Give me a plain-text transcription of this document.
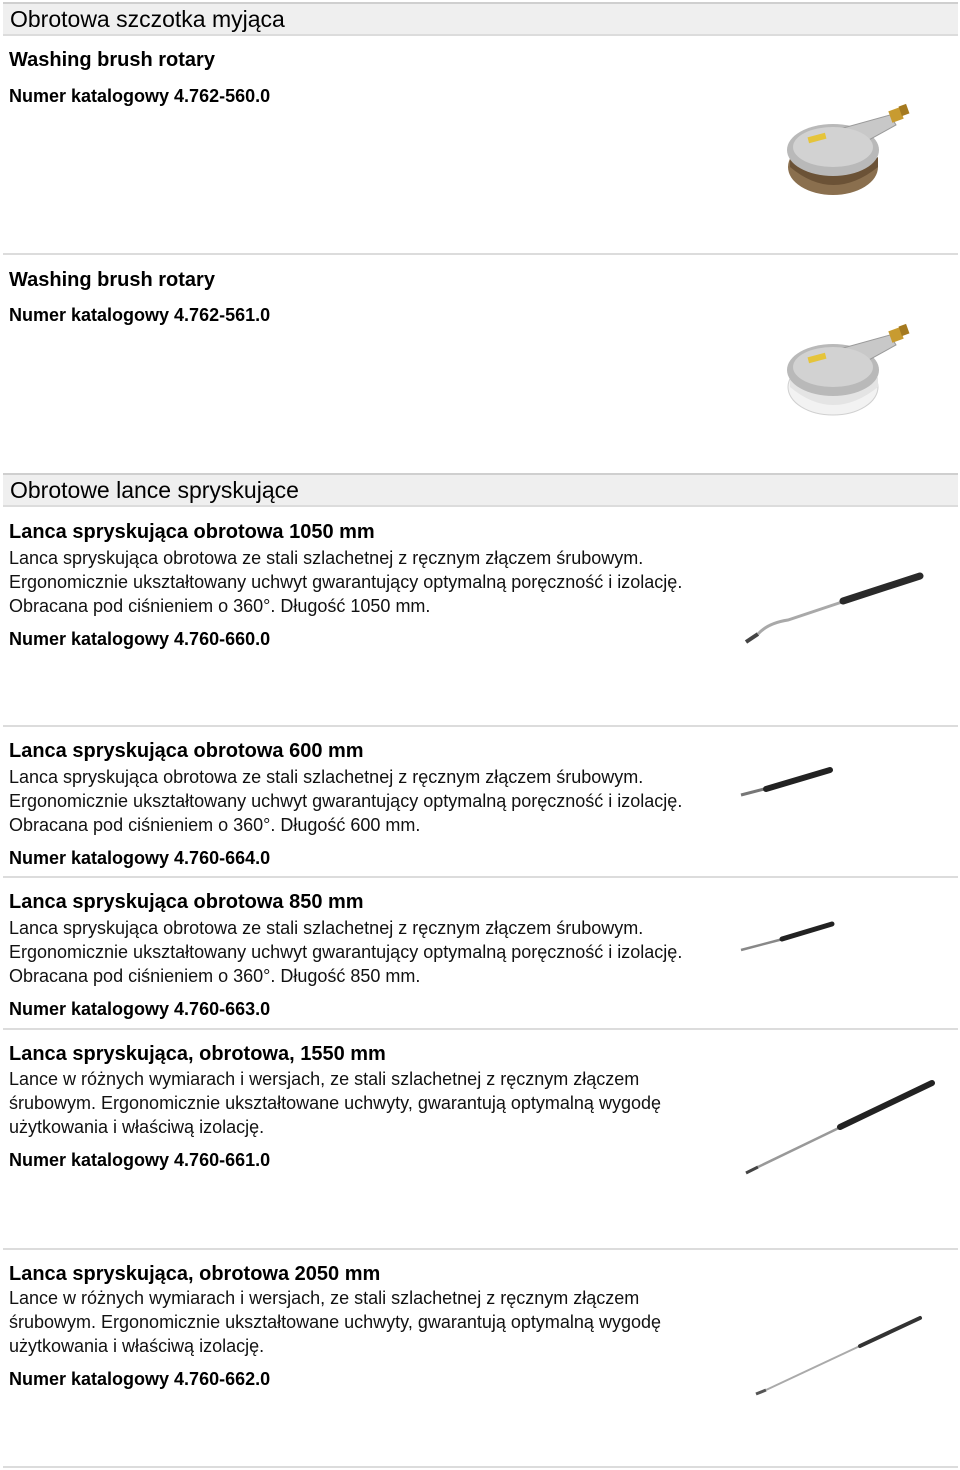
Obrotowa szczotka myjąca
Washing brush rotary
Numer katalogowy 4.762-560.0
Washing brush rotary
Numer katalogowy 4.762-561.0
Obrotowe lance spryskujące
Lanca spryskująca obrotowa 1050 mm
Lanca spryskująca obrotowa ze stali szlachetnej z ręcznym złączem śrubowym. Ergonomicznie ukształtowany uchwyt gwarantujący optymalną poręczność i izolację. Obracana pod ciśnieniem o 360°. Długość 1050 mm.
Numer katalogowy 4.760-660.0
Lanca spryskująca obrotowa 600 mm
Lanca spryskująca obrotowa ze stali szlachetnej z ręcznym złączem śrubowym. Ergonomicznie ukształtowany uchwyt gwarantujący optymalną poręczność i izolację. Obracana pod ciśnieniem o 360°. Długość 600 mm.
Numer katalogowy 4.760-664.0
Lanca spryskująca obrotowa 850 mm
Lanca spryskująca obrotowa ze stali szlachetnej z ręcznym złączem śrubowym. Ergonomicznie ukształtowany uchwyt gwarantujący optymalną poręczność i izolację. Obracana pod ciśnieniem o 360°. Długość 850 mm.
Numer katalogowy 4.760-663.0
Lanca spryskująca, obrotowa, 1550 mm
Lance w różnych wymiarach i wersjach, ze stali szlachetnej z ręcznym złączem śrubowym. Ergonomicznie ukształtowane uchwyty, gwarantują optymalną wygodę użytkowania i właściwą izolację.
Numer katalogowy 4.760-661.0
Lanca spryskująca, obrotowa 2050 mm
Lance w różnych wymiarach i wersjach, ze stali szlachetnej z ręcznym złączem śrubowym. Ergonomicznie ukształtowane uchwyty, gwarantują optymalną wygodę użytkowania i właściwą izolację.
Numer katalogowy 4.760-662.0
